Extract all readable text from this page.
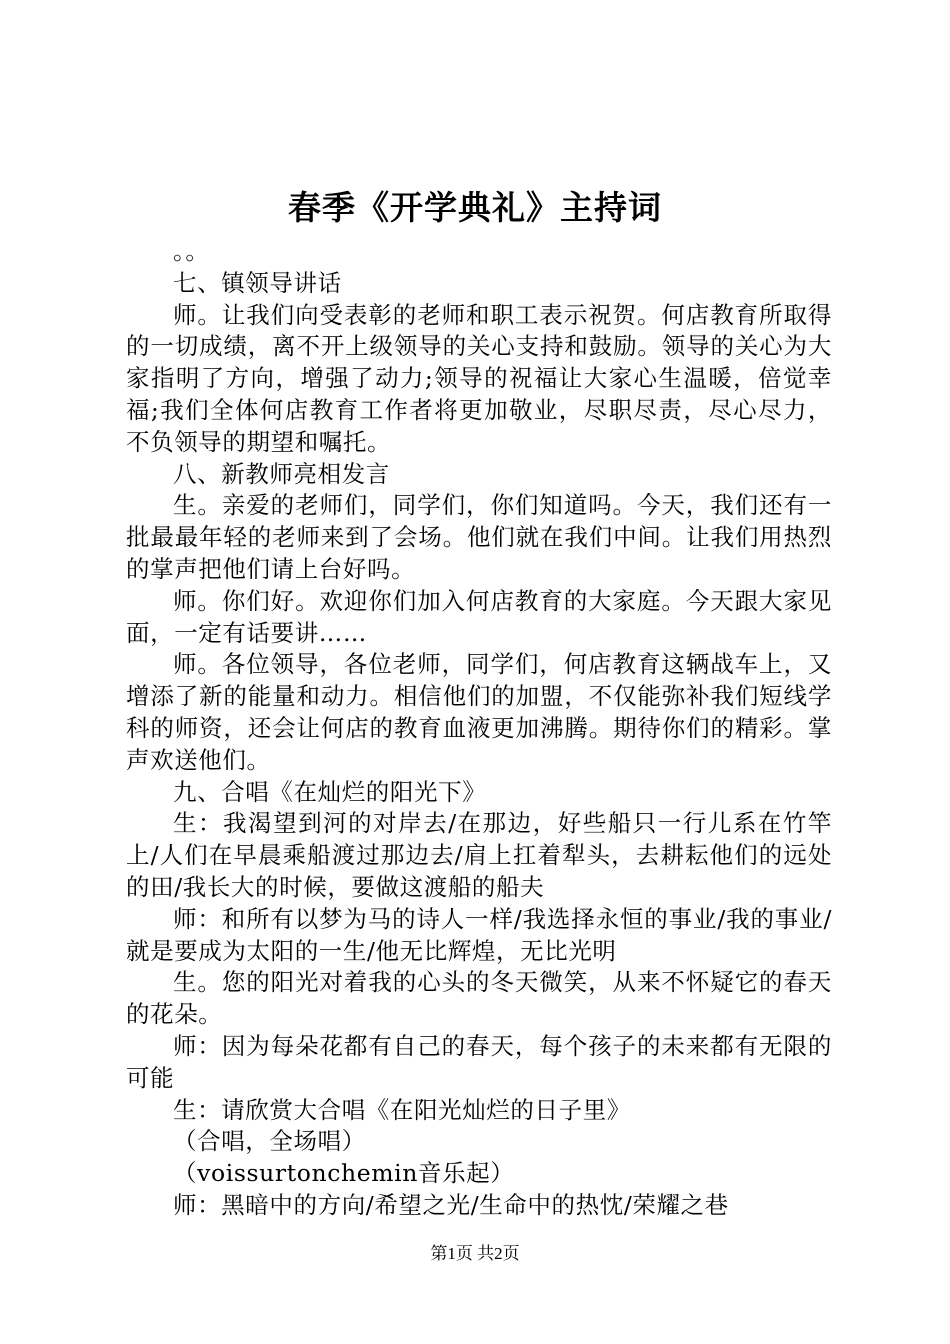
春季《开学典礼》主持词

。。

七、镇领导讲话

师。让我们向受表彰的老师和职工表示祝贺。何店教育所取得的一切成绩，离不开上级领导的关心支持和鼓励。领导的关心为大家指明了方向，增强了动力;领导的祝福让大家心生温暖，倍觉幸福;我们全体何店教育工作者将更加敬业，尽职尽责，尽心尽力，不负领导的期望和嘱托。

八、新教师亮相发言

生。亲爱的老师们，同学们，你们知道吗。今天，我们还有一批最最年轻的老师来到了会场。他们就在我们中间。让我们用热烈的掌声把他们请上台好吗。

师。你们好。欢迎你们加入何店教育的大家庭。今天跟大家见面，一定有话要讲……

师。各位领导，各位老师，同学们，何店教育这辆战车上，又增添了新的能量和动力。相信他们的加盟，不仅能弥补我们短线学科的师资，还会让何店的教育血液更加沸腾。期待你们的精彩。掌声欢送他们。

九、合唱《在灿烂的阳光下》

生：我渴望到河的对岸去/在那边，好些船只一行儿系在竹竿上/人们在早晨乘船渡过那边去/肩上扛着犁头，去耕耘他们的远处的田/我长大的时候，要做这渡船的船夫

师：和所有以梦为马的诗人一样/我选择永恒的事业/我的事业/就是要成为太阳的一生/他无比辉煌，无比光明

生。您的阳光对着我的心头的冬天微笑，从来不怀疑它的春天的花朵。

师：因为每朵花都有自己的春天，每个孩子的未来都有无限的可能

生：请欣赏大合唱《在阳光灿烂的日子里》

（合唱，全场唱）

（voissurtonchemin音乐起）

师：黑暗中的方向/希望之光/生命中的热忱/荣耀之巷

第1页 共2页
